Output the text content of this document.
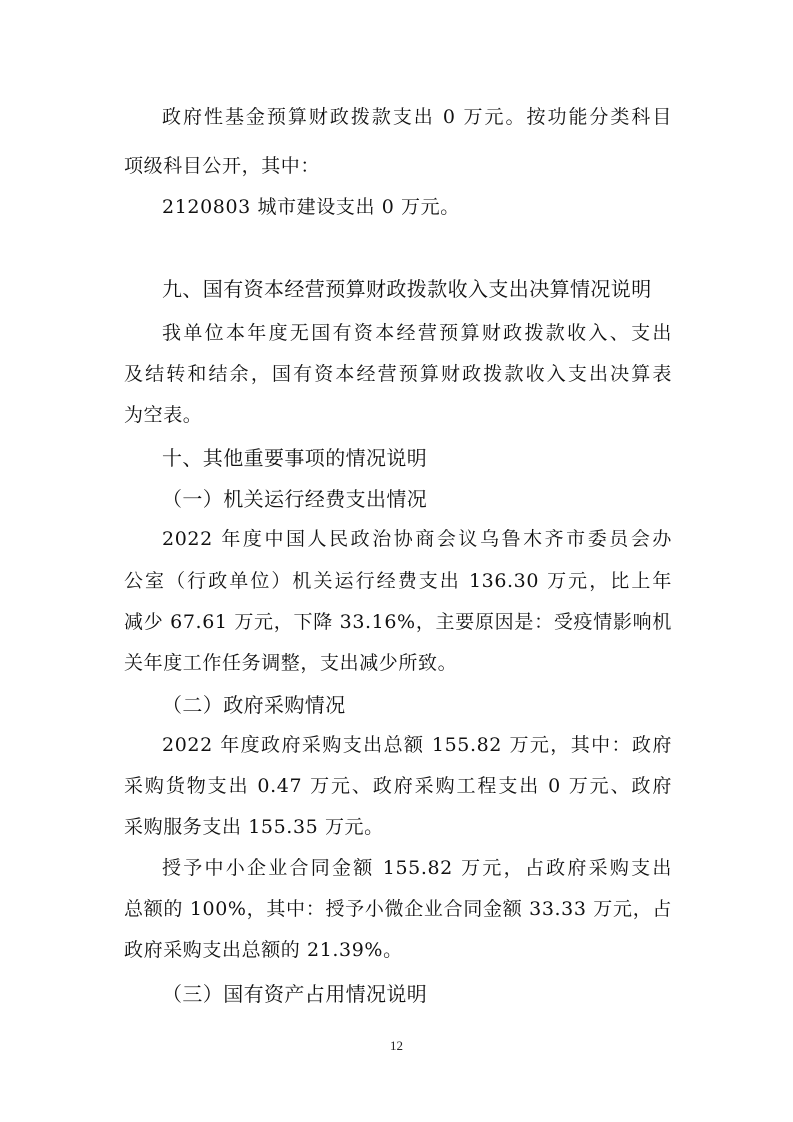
政府性基金预算财政拨款支出 0 万元。按功能分类科目
项级科目公开，其中：
2120803 城市建设支出 0 万元。
九、国有资本经营预算财政拨款收入支出决算情况说明
我单位本年度无国有资本经营预算财政拨款收入、支出
及结转和结余，国有资本经营预算财政拨款收入支出决算表
为空表。
十、其他重要事项的情况说明
（一）机关运行经费支出情况
2022 年度中国人民政治协商会议乌鲁木齐市委员会办
公室（行政单位）机关运行经费支出 136.30 万元，比上年
减少 67.61 万元，下降 33.16%，主要原因是：受疫情影响机
关年度工作任务调整，支出减少所致。
（二）政府采购情况
2022 年度政府采购支出总额 155.82 万元，其中：政府
采购货物支出 0.47 万元、政府采购工程支出 0 万元、政府
采购服务支出 155.35 万元。
授予中小企业合同金额 155.82 万元，占政府采购支出
总额的 100%，其中：授予小微企业合同金额 33.33 万元，占
政府采购支出总额的 21.39%。
（三）国有资产占用情况说明
12
